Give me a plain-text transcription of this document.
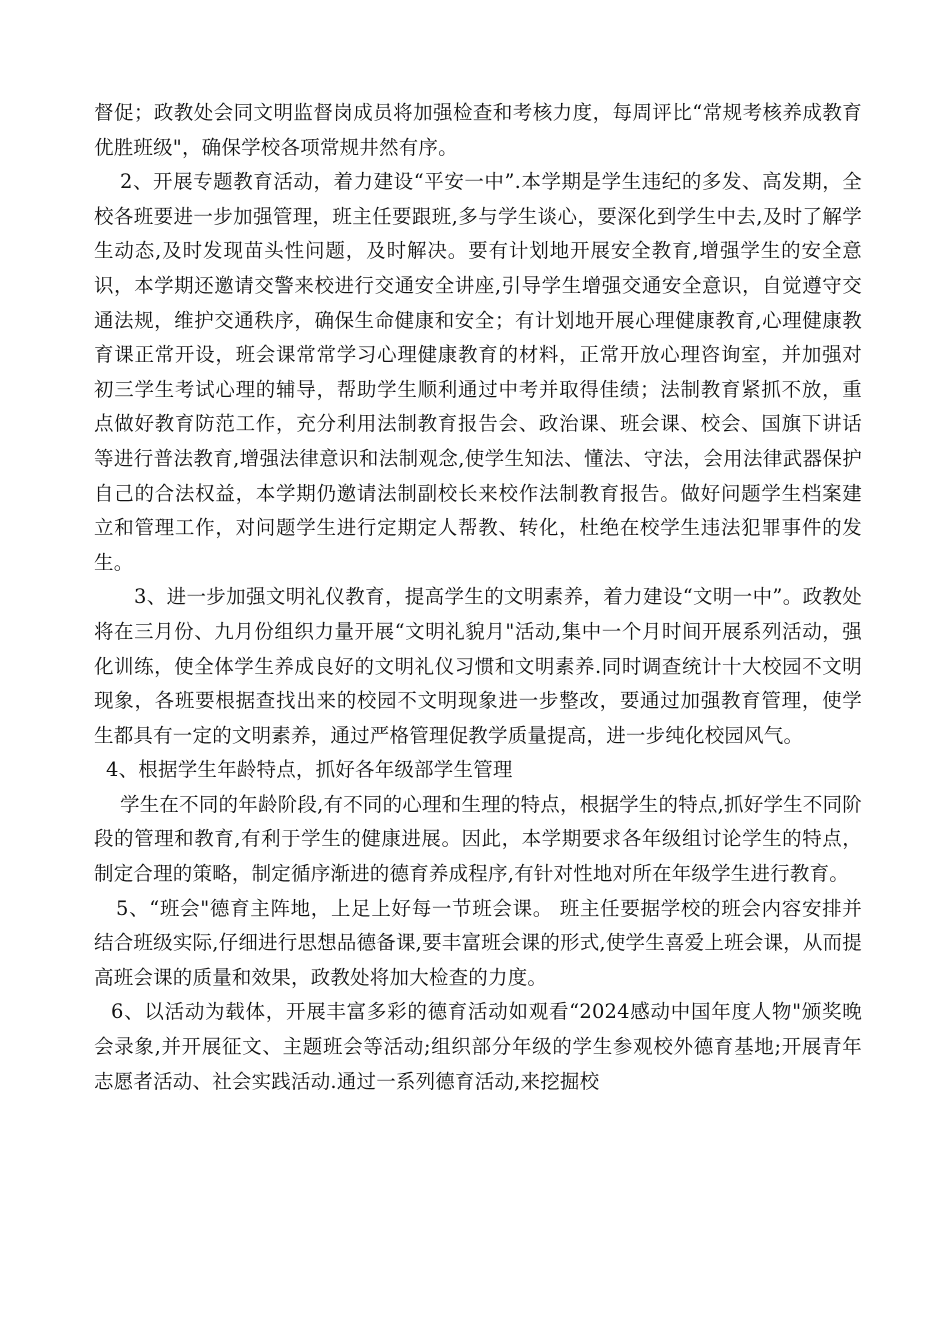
督促；政教处会同文明监督岗成员将加强检查和考核力度，每周评比“常规考核养成教育优胜班级"，确保学校各项常规井然有序。

2、开展专题教育活动，着力建设“平安一中”.本学期是学生违纪的多发、高发期，全校各班要进一步加强管理，班主任要跟班,多与学生谈心，要深化到学生中去,及时了解学生动态,及时发现苗头性问题，及时解决。要有计划地开展安全教育,增强学生的安全意识，本学期还邀请交警来校进行交通安全讲座,引导学生增强交通安全意识，自觉遵守交通法规，维护交通秩序，确保生命健康和安全；有计划地开展心理健康教育,心理健康教育课正常开设，班会课常常学习心理健康教育的材料，正常开放心理咨询室，并加强对初三学生考试心理的辅导，帮助学生顺利通过中考并取得佳绩；法制教育紧抓不放，重点做好教育防范工作，充分利用法制教育报告会、政治课、班会课、校会、国旗下讲话等进行普法教育,增强法律意识和法制观念,使学生知法、懂法、守法，会用法律武器保护自己的合法权益，本学期仍邀请法制副校长来校作法制教育报告。做好问题学生档案建立和管理工作，对问题学生进行定期定人帮教、转化，杜绝在校学生违法犯罪事件的发生。

3、进一步加强文明礼仪教育，提高学生的文明素养，着力建设“文明一中”。政教处将在三月份、九月份组织力量开展“文明礼貌月"活动,集中一个月时间开展系列活动，强化训练，使全体学生养成良好的文明礼仪习惯和文明素养.同时调查统计十大校园不文明现象，各班要根据查找出来的校园不文明现象进一步整改，要通过加强教育管理，使学生都具有一定的文明素养，通过严格管理促教学质量提高，进一步纯化校园风气。

4、根据学生年龄特点，抓好各年级部学生管理

学生在不同的年龄阶段,有不同的心理和生理的特点，根据学生的特点,抓好学生不同阶段的管理和教育,有利于学生的健康进展。因此，本学期要求各年级组讨论学生的特点，制定合理的策略，制定循序渐进的德育养成程序,有针对性地对所在年级学生进行教育。

5、“班会"德育主阵地，上足上好每一节班会课。 班主任要据学校的班会内容安排并结合班级实际,仔细进行思想品德备课,要丰富班会课的形式,使学生喜爱上班会课，从而提高班会课的质量和效果，政教处将加大检查的力度。

6、以活动为载体，开展丰富多彩的德育活动如观看“2024感动中国年度人物"颁奖晚会录象,并开展征文、主题班会等活动;组织部分年级的学生参观校外德育基地;开展青年志愿者活动、社会实践活动.通过一系列德育活动,来挖掘校
